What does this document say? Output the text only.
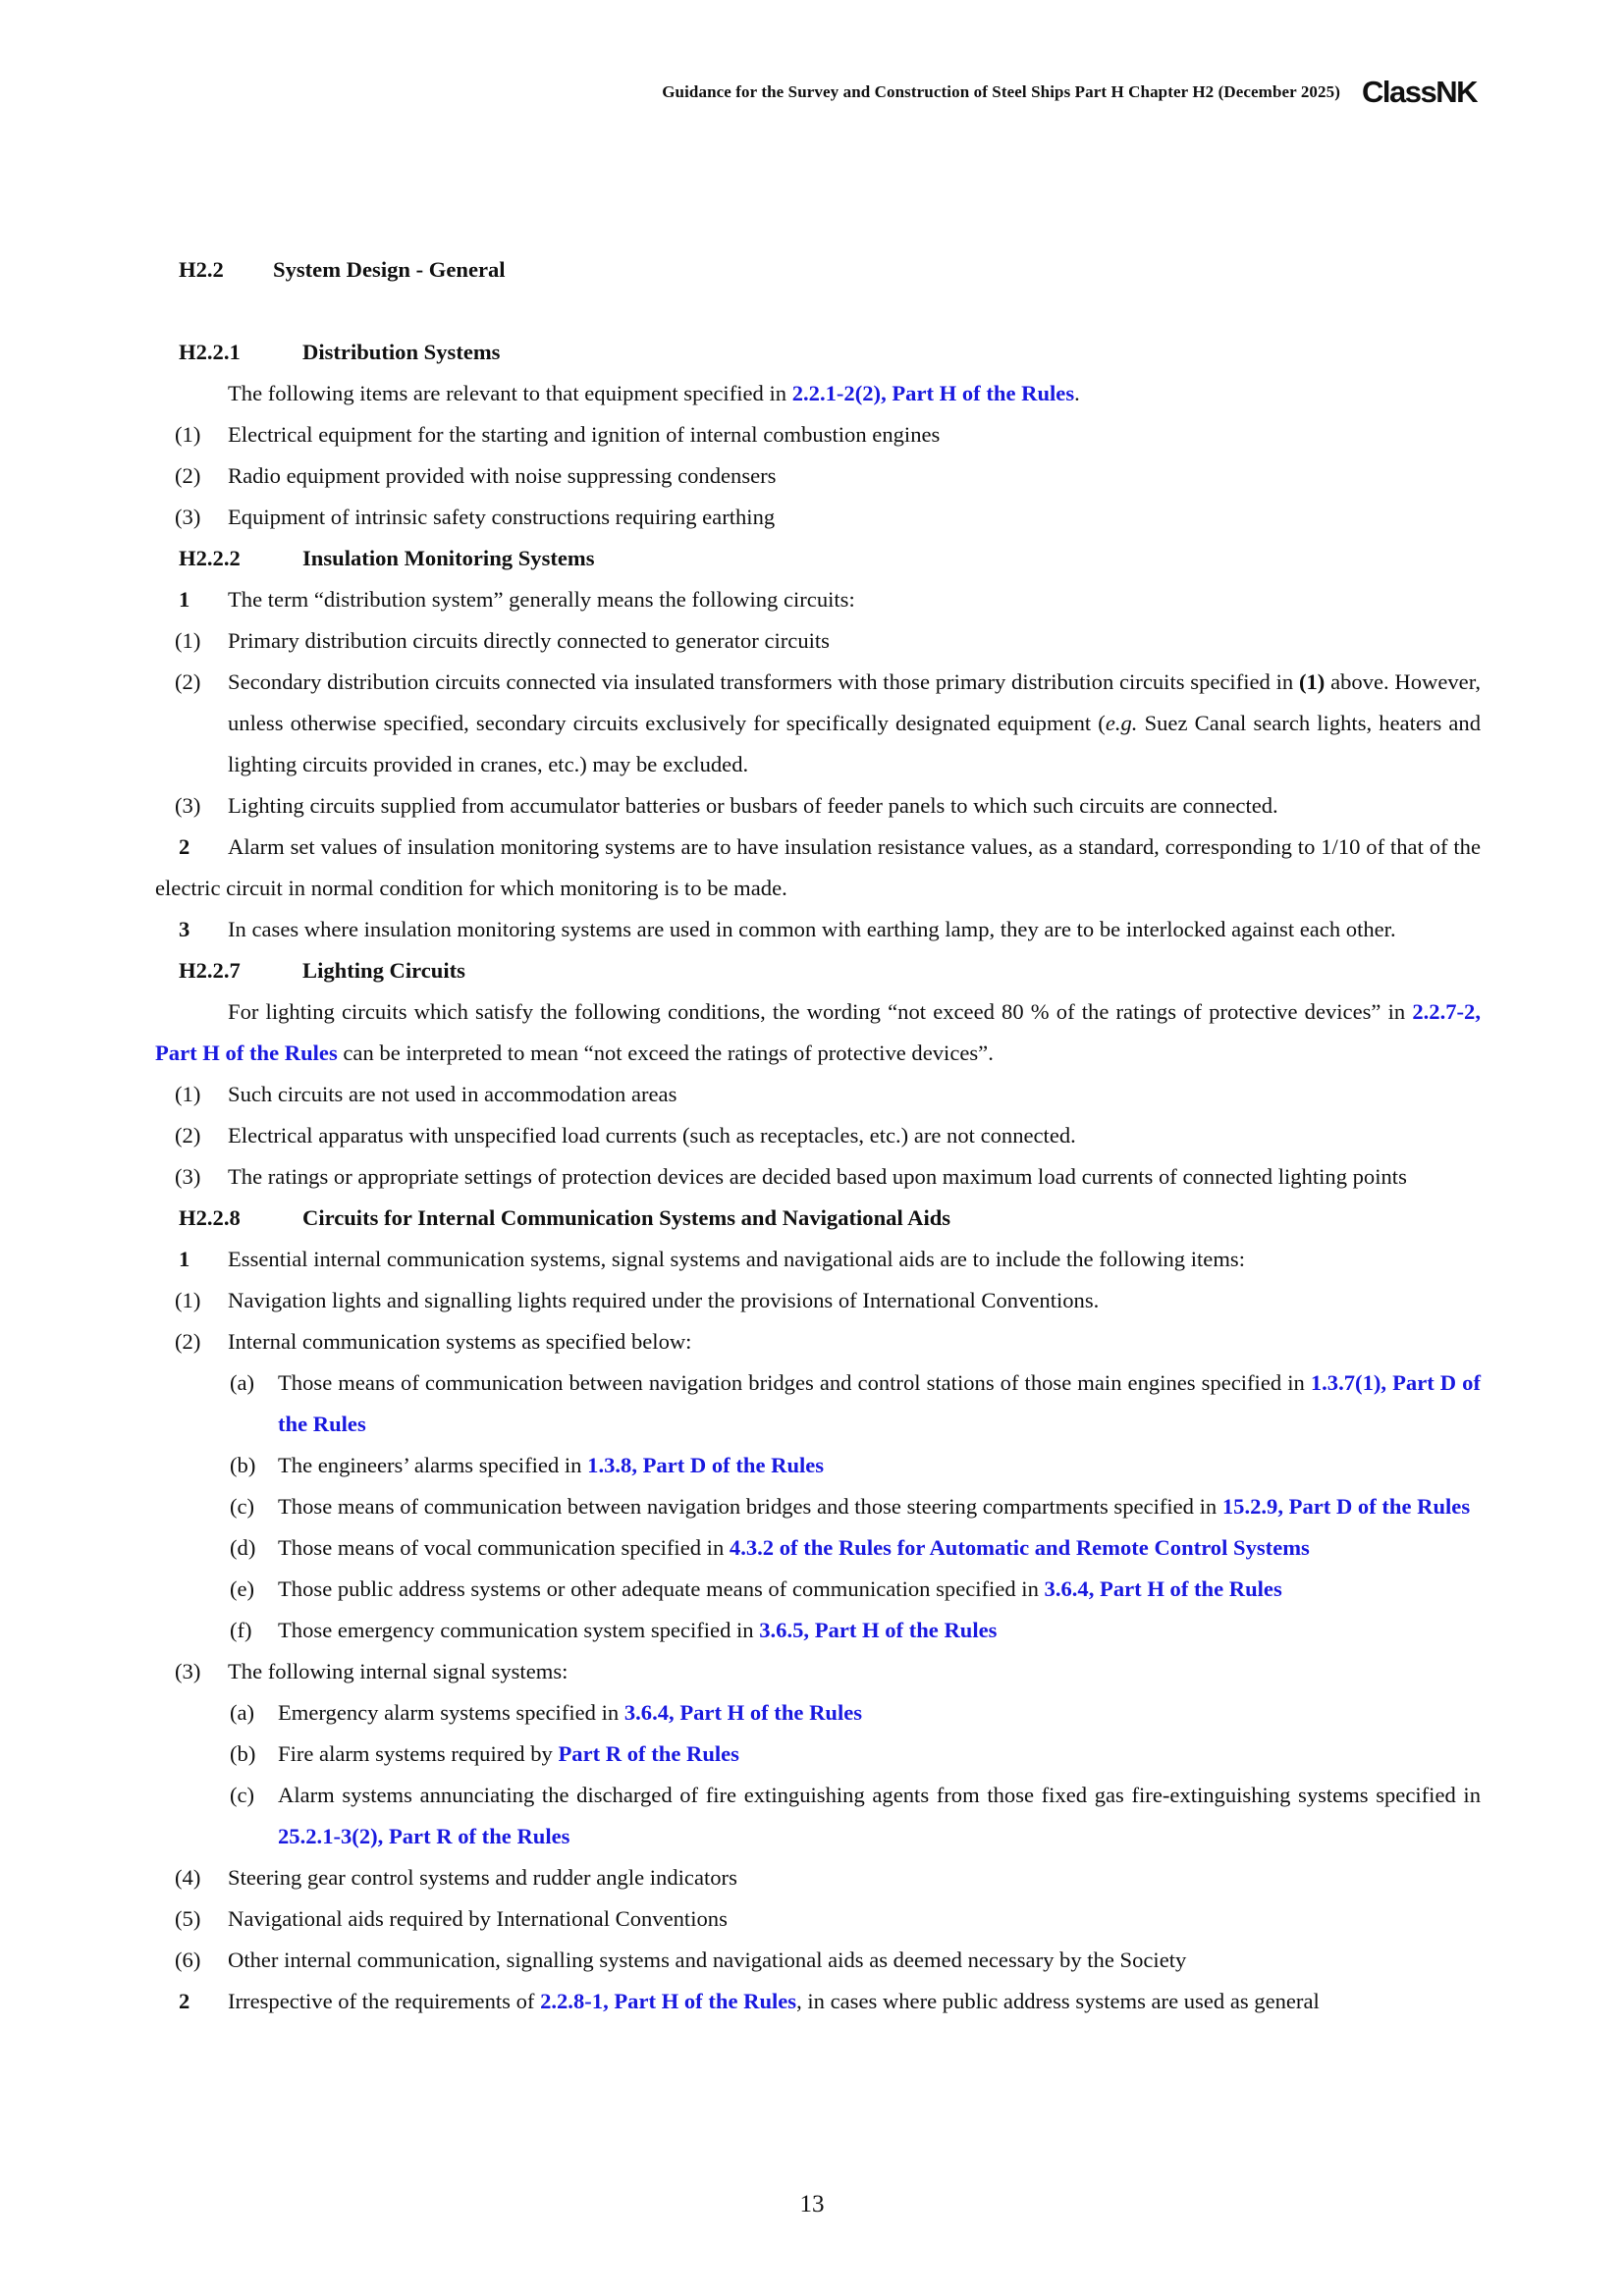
Guidance for the Survey and Construction of Steel Ships Part H Chapter H2 (December 2025) ClassNK
H2.2 System Design - General
H2.2.1	Distribution Systems
The following items are relevant to that equipment specified in 2.2.1-2(2), Part H of the Rules.
(1) Electrical equipment for the starting and ignition of internal combustion engines
(2) Radio equipment provided with noise suppressing condensers
(3) Equipment of intrinsic safety constructions requiring earthing
H2.2.2	Insulation Monitoring Systems
1 The term “distribution system” generally means the following circuits:
(1) Primary distribution circuits directly connected to generator circuits
(2) Secondary distribution circuits connected via insulated transformers with those primary distribution circuits specified in (1) above. However, unless otherwise specified, secondary circuits exclusively for specifically designated equipment (e.g. Suez Canal search lights, heaters and lighting circuits provided in cranes, etc.) may be excluded.
(3) Lighting circuits supplied from accumulator batteries or busbars of feeder panels to which such circuits are connected.
2 Alarm set values of insulation monitoring systems are to have insulation resistance values, as a standard, corresponding to 1/10 of that of the electric circuit in normal condition for which monitoring is to be made.
3 In cases where insulation monitoring systems are used in common with earthing lamp, they are to be interlocked against each other.
H2.2.7	Lighting Circuits
For lighting circuits which satisfy the following conditions, the wording “not exceed 80 % of the ratings of protective devices” in 2.2.7-2, Part H of the Rules can be interpreted to mean “not exceed the ratings of protective devices”.
(1) Such circuits are not used in accommodation areas
(2) Electrical apparatus with unspecified load currents (such as receptacles, etc.) are not connected.
(3) The ratings or appropriate settings of protection devices are decided based upon maximum load currents of connected lighting points
H2.2.8	Circuits for Internal Communication Systems and Navigational Aids
1 Essential internal communication systems, signal systems and navigational aids are to include the following items:
(1) Navigation lights and signalling lights required under the provisions of International Conventions.
(2) Internal communication systems as specified below:
(a) Those means of communication between navigation bridges and control stations of those main engines specified in 1.3.7(1), Part D of the Rules
(b) The engineers’ alarms specified in 1.3.8, Part D of the Rules
(c) Those means of communication between navigation bridges and those steering compartments specified in 15.2.9, Part D of the Rules
(d) Those means of vocal communication specified in 4.3.2 of the Rules for Automatic and Remote Control Systems
(e) Those public address systems or other adequate means of communication specified in 3.6.4, Part H of the Rules
(f) Those emergency communication system specified in 3.6.5, Part H of the Rules
(3) The following internal signal systems:
(a) Emergency alarm systems specified in 3.6.4, Part H of the Rules
(b) Fire alarm systems required by Part R of the Rules
(c) Alarm systems annunciating the discharged of fire extinguishing agents from those fixed gas fire-extinguishing systems specified in 25.2.1-3(2), Part R of the Rules
(4) Steering gear control systems and rudder angle indicators
(5) Navigational aids required by International Conventions
(6) Other internal communication, signalling systems and navigational aids as deemed necessary by the Society
2 Irrespective of the requirements of 2.2.8-1, Part H of the Rules, in cases where public address systems are used as general
13
